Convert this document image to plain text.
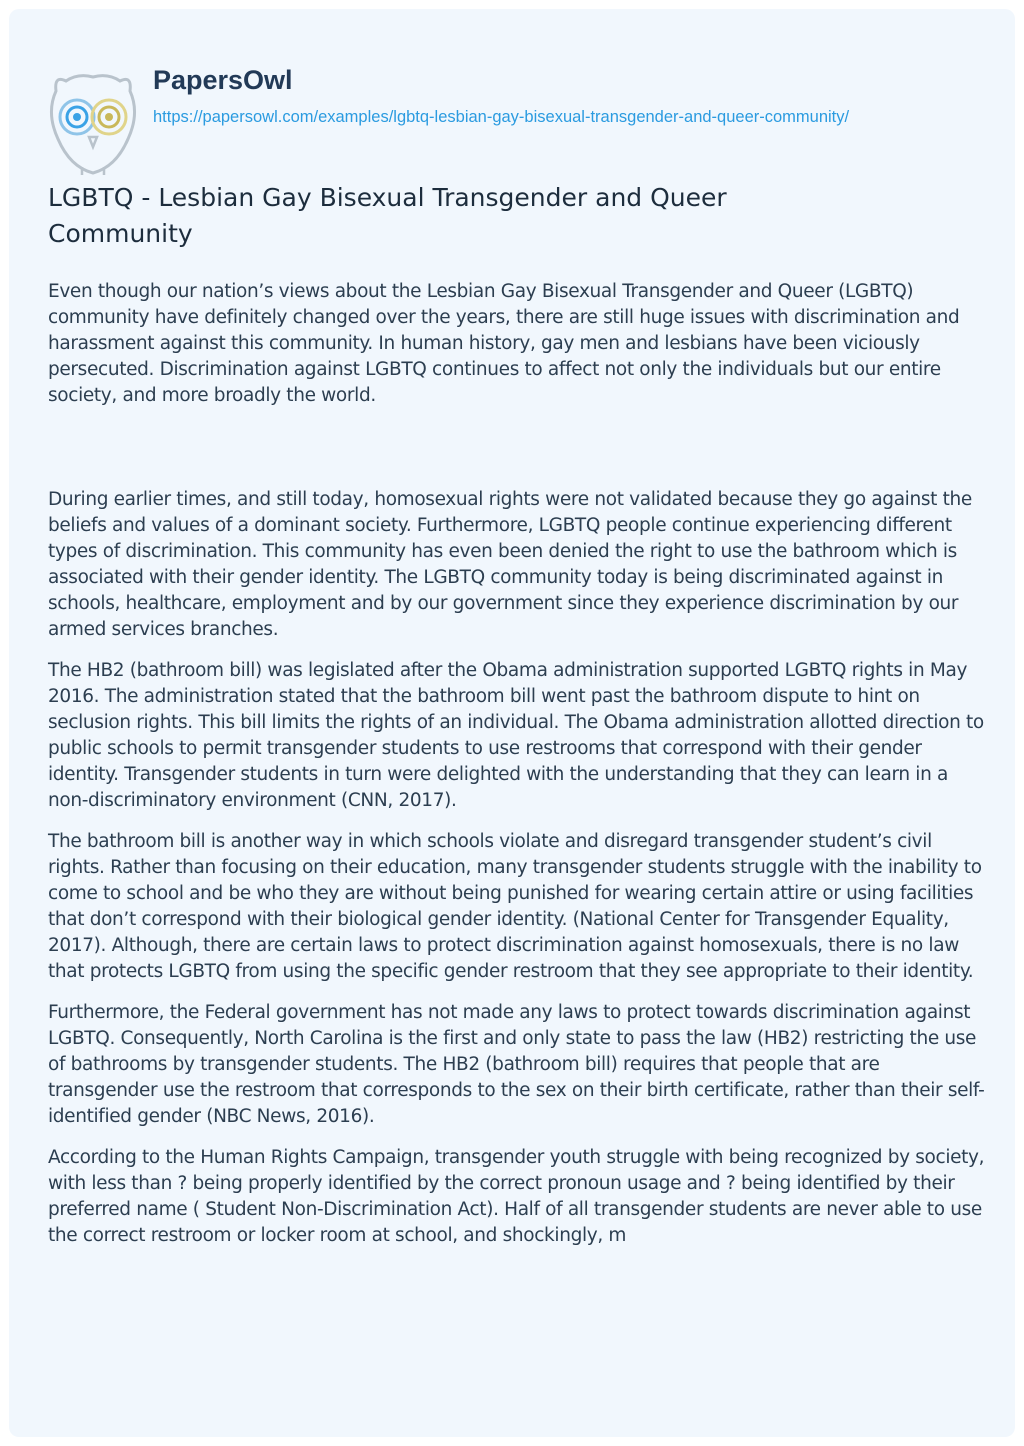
PapersOwl
https://papersowl.com/examples/lgbtq-lesbian-gay-bisexual-transgender-and-queer-community/
LGBTQ - Lesbian Gay Bisexual Transgender and Queer Community

Even though our nation’s views about the Lesbian Gay Bisexual Transgender and Queer (LGBTQ) community have definitely changed over the years, there are still huge issues with discrimination and harassment against this community. In human history, gay men and lesbians have been viciously persecuted. Discrimination against LGBTQ continues to affect not only the individuals but our entire society, and more broadly the world.

During earlier times, and still today, homosexual rights were not validated because they go against the beliefs and values of a dominant society. Furthermore, LGBTQ people continue experiencing different types of discrimination. This community has even been denied the right to use the bathroom which is associated with their gender identity. The LGBTQ community today is being discriminated against in schools, healthcare, employment and by our government since they experience discrimination by our armed services branches.

The HB2 (bathroom bill) was legislated after the Obama administration supported LGBTQ rights in May 2016. The administration stated that the bathroom bill went past the bathroom dispute to hint on seclusion rights. This bill limits the rights of an individual. The Obama administration allotted direction to public schools to permit transgender students to use restrooms that correspond with their gender identity. Transgender students in turn were delighted with the understanding that they can learn in a non-discriminatory environment (CNN, 2017).

The bathroom bill is another way in which schools violate and disregard transgender student’s civil rights. Rather than focusing on their education, many transgender students struggle with the inability to come to school and be who they are without being punished for wearing certain attire or using facilities that don’t correspond with their biological gender identity. (National Center for Transgender Equality, 2017). Although, there are certain laws to protect discrimination against homosexuals, there is no law that protects LGBTQ from using the specific gender restroom that they see appropriate to their identity.

Furthermore, the Federal government has not made any laws to protect towards discrimination against LGBTQ. Consequently, North Carolina is the first and only state to pass the law (HB2) restricting the use of bathrooms by transgender students. The HB2 (bathroom bill) requires that people that are transgender use the restroom that corresponds to the sex on their birth certificate, rather than their self-identified gender (NBC News, 2016).

According to the Human Rights Campaign, transgender youth struggle with being recognized by society, with less than ? being properly identified by the correct pronoun usage and ? being identified by their preferred name ( Student Non-Discrimination Act). Half of all transgender students are never able to use the correct restroom or locker room at school, and shockingly, m
